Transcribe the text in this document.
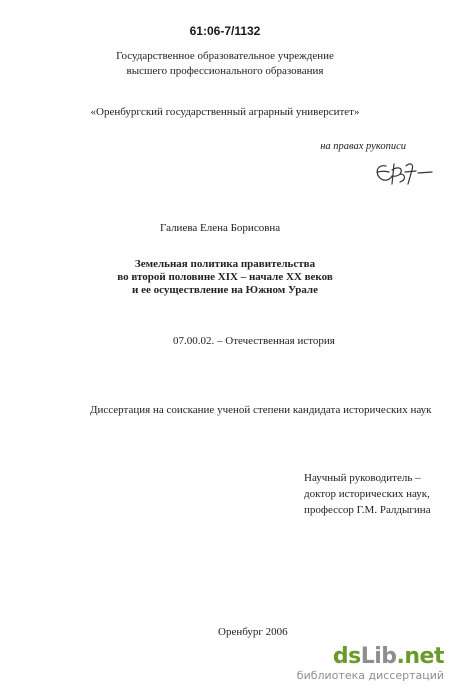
61:06-7/1132
Государственное образовательное учреждение
высшего профессионального образования
«Оренбургский государственный аграрный университет»
на правах рукописи
Галиева Елена Борисовна
Земельная политика правительства
во второй половине XIX – начале XX веков
и ее осуществление на Южном Урале
07.00.02. – Отечественная история
Диссертация на соискание ученой степени кандидата исторических наук
Научный руководитель –
доктор исторических наук,
профессор Г.М. Ралдыгина
Оренбург 2006
dsLib.net
библиотека диссертаций
